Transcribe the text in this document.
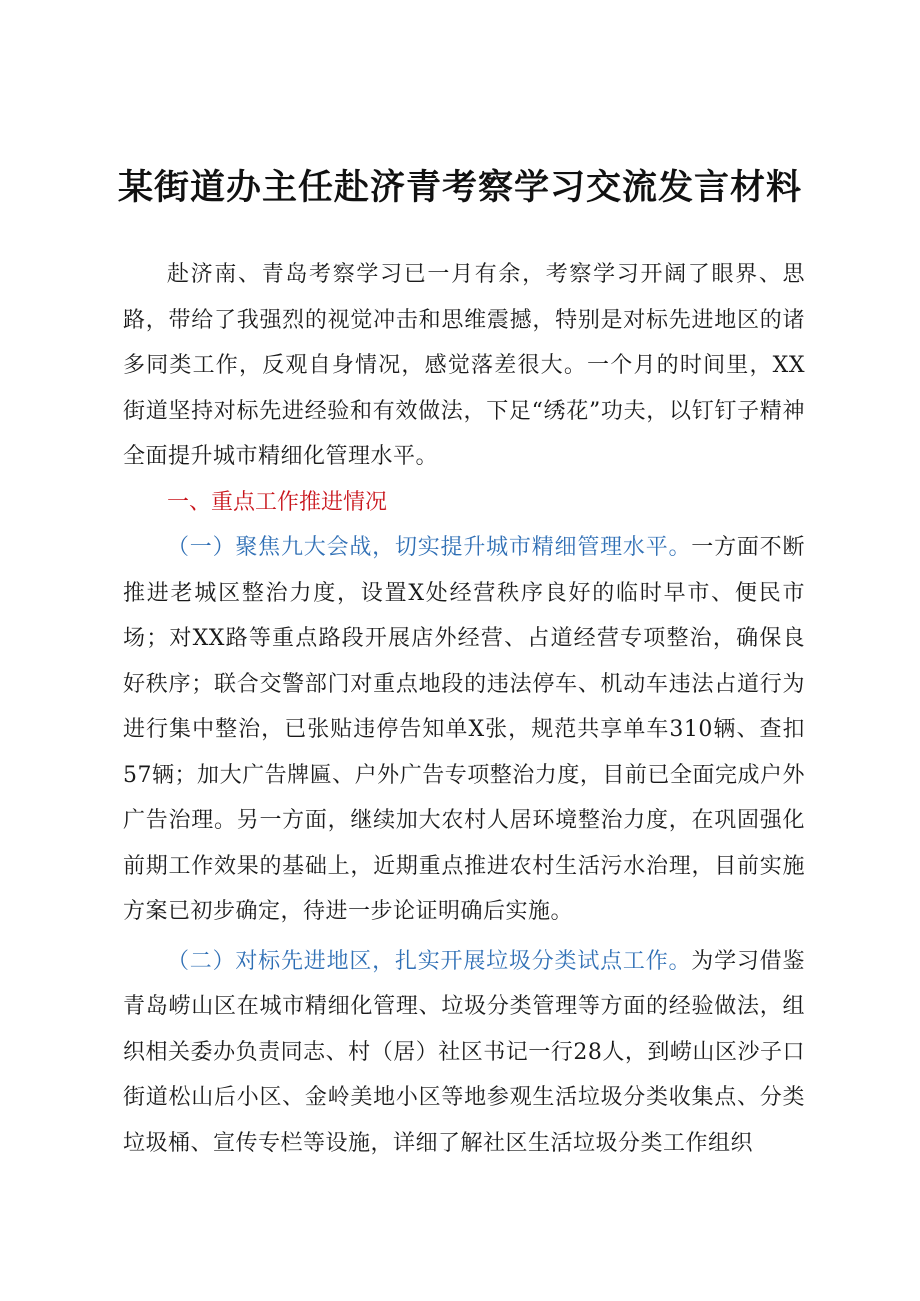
某街道办主任赴济青考察学习交流发言材料

赴济南、青岛考察学习已一月有余，考察学习开阔了眼界、思路，带给了我强烈的视觉冲击和思维震撼，特别是对标先进地区的诸多同类工作，反观自身情况，感觉落差很大。一个月的时间里，XX街道坚持对标先进经验和有效做法，下足“绣花”功夫，以钉钉子精神全面提升城市精细化管理水平。

一、重点工作推进情况

（一）聚焦九大会战，切实提升城市精细管理水平。一方面不断推进老城区整治力度，设置X处经营秩序良好的临时早市、便民市场；对XX路等重点路段开展店外经营、占道经营专项整治，确保良好秩序；联合交警部门对重点地段的违法停车、机动车违法占道行为进行集中整治，已张贴违停告知单X张，规范共享单车310辆、查扣57辆；加大广告牌匾、户外广告专项整治力度，目前已全面完成户外广告治理。另一方面，继续加大农村人居环境整治力度，在巩固强化前期工作效果的基础上，近期重点推进农村生活污水治理，目前实施方案已初步确定，待进一步论证明确后实施。

（二）对标先进地区，扎实开展垃圾分类试点工作。为学习借鉴青岛崂山区在城市精细化管理、垃圾分类管理等方面的经验做法，组织相关委办负责同志、村（居）社区书记一行28人，到崂山区沙子口街道松山后小区、金岭美地小区等地参观生活垃圾分类收集点、分类垃圾桶、宣传专栏等设施，详细了解社区生活垃圾分类工作组织
